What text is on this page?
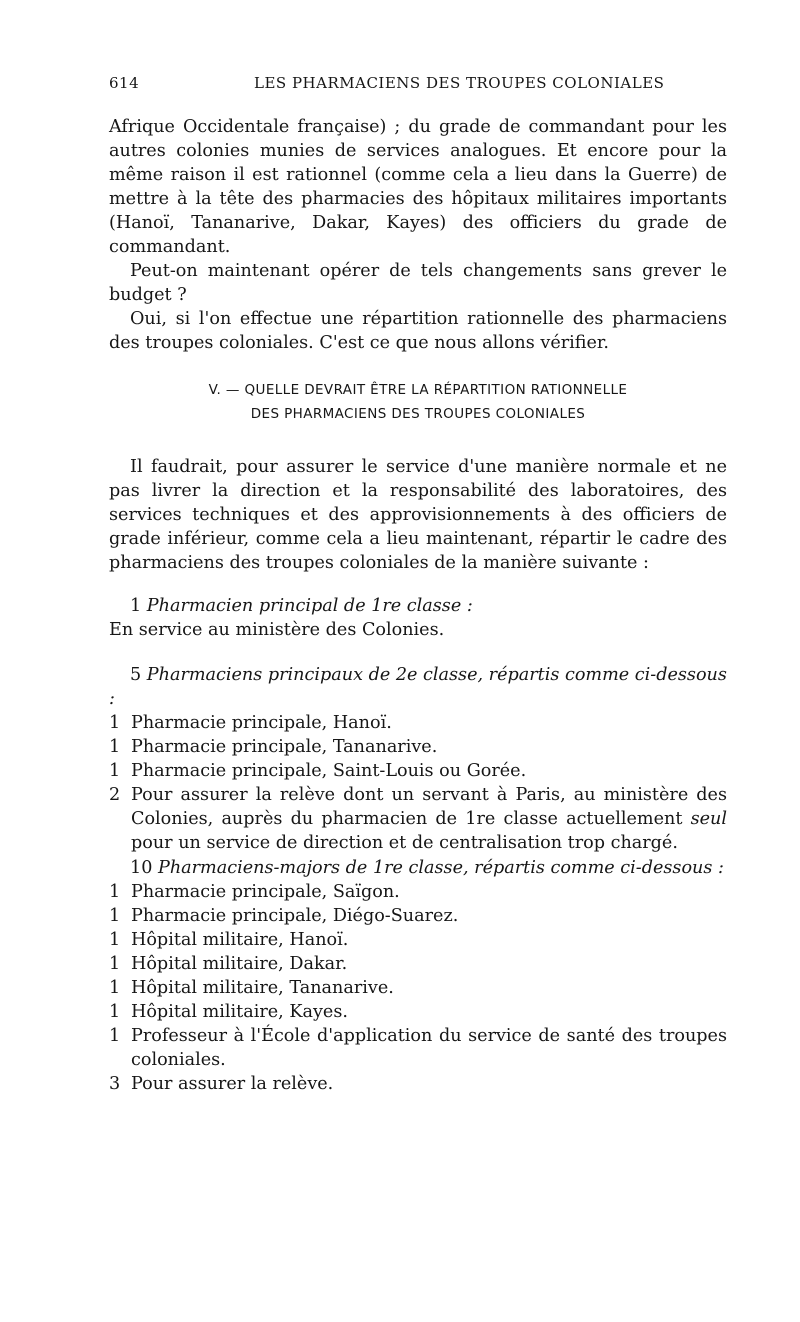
614	LES PHARMACIENS DES TROUPES COLONIALES

Afrique Occidentale française) ; du grade de commandant pour les autres colonies munies de services analogues. Et encore pour la même raison il est rationnel (comme cela a lieu dans la Guerre) de mettre à la tête des pharmacies des hôpitaux militaires importants (Hanoï, Tananarive, Dakar, Kayes) des officiers du grade de commandant.

Peut-on maintenant opérer de tels changements sans grever le budget ?

Oui, si l'on effectue une répartition rationnelle des pharmaciens des troupes coloniales. C'est ce que nous allons vérifier.

V. — QUELLE DEVRAIT ÊTRE LA RÉPARTITION RATIONNELLE
DES PHARMACIENS DES TROUPES COLONIALES

Il faudrait, pour assurer le service d'une manière normale et ne pas livrer la direction et la responsabilité des laboratoires, des services techniques et des approvisionnements à des officiers de grade inférieur, comme cela a lieu maintenant, répartir le cadre des pharmaciens des troupes coloniales de la manière suivante :

1 Pharmacien principal de 1re classe :

En service au ministère des Colonies.

5 Pharmaciens principaux de 2e classe, répartis comme ci-dessous :

1 Pharmacie principale, Hanoï.
1 Pharmacie principale, Tananarive.
1 Pharmacie principale, Saint-Louis ou Gorée.
2 Pour assurer la relève dont un servant à Paris, au ministère des Colonies, auprès du pharmacien de 1re classe actuellement seul pour un service de direction et de centralisation trop chargé.

10 Pharmaciens-majors de 1re classe, répartis comme ci-dessous :

1 Pharmacie principale, Saïgon.
1 Pharmacie principale, Diégo-Suarez.
1 Hôpital militaire, Hanoï.
1 Hôpital militaire, Dakar.
1 Hôpital militaire, Tananarive.
1 Hôpital militaire, Kayes.
1 Professeur à l'École d'application du service de santé des troupes coloniales.
3 Pour assurer la relève.
